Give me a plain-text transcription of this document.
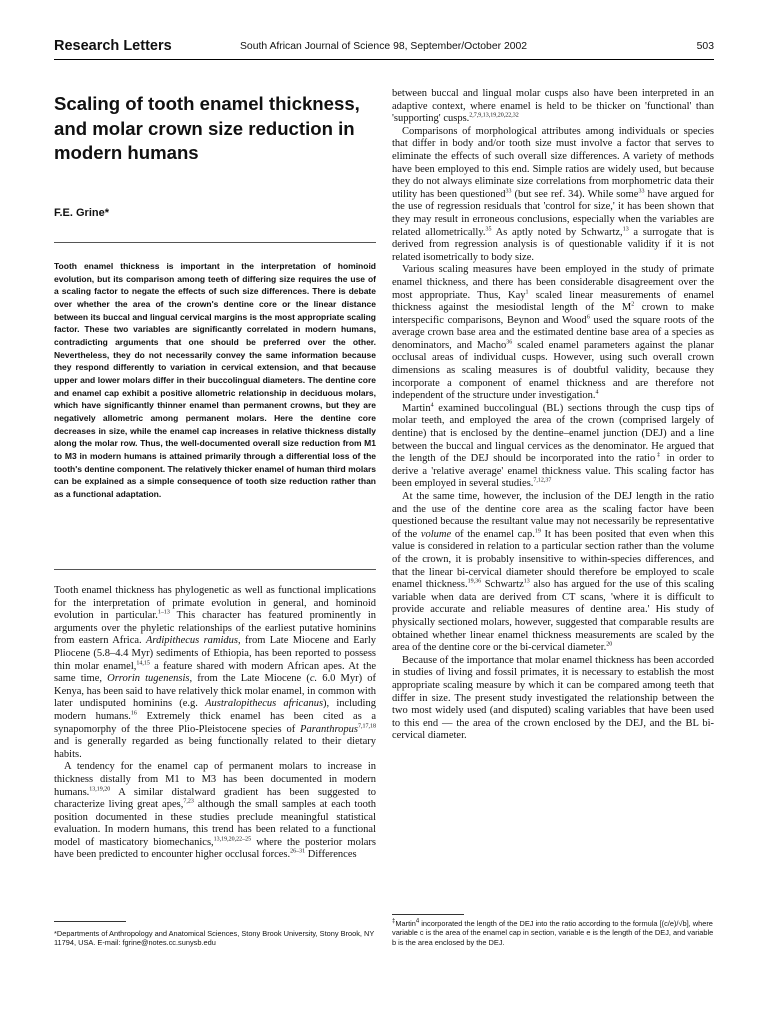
Research Letters	South African Journal of Science 98, September/October 2002	503
Scaling of tooth enamel thickness, and molar crown size reduction in modern humans
F.E. Grine*

Tooth enamel thickness is important in the interpretation of hominoid evolution, but its comparison among teeth of differing size requires the use of a scaling factor to negate the effects of such size differences. There is debate over whether the area of the crown's dentine core or the linear distance between its buccal and lingual cervical margins is the most appropriate scaling factor. These two variables are significantly correlated in modern humans, contradicting arguments that one should be preferred over the other. Nevertheless, they do not necessarily convey the same information because they respond differently to variation in cervical extension, and that because upper and lower molars differ in their buccolingual diameters. The dentine core and enamel cap exhibit a positive allometric relationship in deciduous molars, which have significantly thinner enamel than permanent crowns, but they are negatively allometric among permanent molars. Here the dentine core decreases in size, while the enamel cap increases in relative thickness distally along the molar row. Thus, the well-documented overall size reduction from M1 to M3 in modern humans is attained primarily through a differential loss of the tooth's dentine component. The relatively thicker enamel of human third molars can be explained as a simple consequence of tooth size reduction rather than as a functional adaptation.

Tooth enamel thickness has phylogenetic as well as functional implications for the interpretation of primate evolution in general, and hominoid evolution in particular.$^{1-13}$ This character has featured prominently in arguments over the phyletic relationships of the earliest putative hominins from eastern Africa. Ardipithecus ramidus, from Late Miocene and Early Pliocene (5.8–4.4 Myr) sediments of Ethiopia, has been reported to possess thin molar enamel,$^{14,15}$ a feature shared with modern African apes. At the same time, Orrorin tugenensis, from the Late Miocene (c. 6.0 Myr) of Kenya, has been said to have relatively thick molar enamel, in common with later undisputed hominins (e.g. Australopithecus africanus), including modern humans.$^{16}$ Extremely thick enamel has been cited as a synapomorphy of the three Plio-Pleistocene species of Paranthropus$^{7,17,18}$ and is generally regarded as being functionally related to their dietary habits.

A tendency for the enamel cap of permanent molars to increase in thickness distally from M1 to M3 has been documented in modern humans.$^{13,19,20}$ A similar distalward gradient has been suggested to characterize living great apes,$^{7,23}$ although the small samples at each tooth position documented in these studies preclude meaningful statistical evaluation. In modern humans, this trend has been related to a functional model of masticatory biomechanics,$^{13,19,20,22-25}$ where the posterior molars have been predicted to encounter higher occlusal forces.$^{26-31}$ Differences

between buccal and lingual molar cusps also have been interpreted in an adaptive context, where enamel is held to be thicker on 'functional' than 'supporting' cusps.$^{2,7,9,13,19,20,22,32}$

Comparisons of morphological attributes among individuals or species that differ in body and/or tooth size must involve a factor that serves to eliminate the effects of such overall size differences. A variety of methods have been employed to this end. Simple ratios are widely used, but because they do not always eliminate size correlations from morphometric data their utility has been questioned$^{33}$ (but see ref. 34). While some$^{33}$ have argued for the use of regression residuals that 'control for size,' it has been shown that they may result in erroneous conclusions, especially when the variables are related allometrically.$^{35}$ As aptly noted by Schwartz,$^{13}$ a surrogate that is derived from regression analysis is of questionable validity if it is not related isometrically to body size.

Various scaling measures have been employed in the study of primate enamel thickness, and there has been considerable disagreement over the most appropriate. Thus, Kay$^1$ scaled linear measurements of enamel thickness against the mesiodistal length of the M$^2$ crown to make interspecific comparisons, Beynon and Wood$^6$ used the square roots of the average crown base area and the estimated dentine base area of a species as denominators, and Macho$^{36}$ scaled enamel parameters against the planar occlusal areas of individual cusps. However, using such overall crown dimensions as scaling measures is of doubtful validity, because they incorporate a component of enamel thickness and are therefore not independent of the structure under investigation.$^4$

Martin$^4$ examined buccolingual (BL) sections through the cusp tips of molar teeth, and employed the area of the crown (comprised largely of dentine) that is enclosed by the dentine–enamel junction (DEJ) and a line between the buccal and lingual cervices as the denominator. He argued that the length of the DEJ should be incorporated into the ratio‡ in order to derive a 'relative average' enamel thickness value. This scaling factor has been employed in several studies.$^{7,12,37}$

At the same time, however, the inclusion of the DEJ length in the ratio and the use of the dentine core area as the scaling factor have been questioned because the resultant value may not necessarily be representative of the volume of the enamel cap.$^{19}$ It has been posited that even when this value is considered in relation to a particular section rather than the volume of the crown, it is probably insensitive to within-species differences, and that the linear bi-cervical diameter should therefore be employed to scale enamel thickness.$^{19,36}$ Schwartz$^{13}$ also has argued for the use of this scaling variable when data are derived from CT scans, 'where it is difficult to provide accurate and reliable measures of dentine area.' His study of physically sectioned molars, however, suggested that comparable results are obtained whether linear enamel thickness measurements are scaled by the area of the dentine core or the bi-cervical diameter.$^{20}$

Because of the importance that molar enamel thickness has been accorded in studies of living and fossil primates, it is necessary to establish the most appropriate scaling measure by which it can be compared among teeth that differ in size. The present study investigated the relationship between the two most widely used (and disputed) scaling variables that have been used to this end — the area of the crown enclosed by the DEJ, and the BL bi-cervical diameter.

*Departments of Anthropology and Anatomical Sciences, Stony Brook University, Stony Brook, NY 11794, USA. E-mail: fgrine@notes.cc.sunysb.edu
‡Martin$^4$ incorporated the length of the DEJ into the ratio according to the formula [(c/e)/√b], where variable c is the area of the enamel cap in section, variable e is the length of the DEJ, and variable b is the area enclosed by the DEJ.
